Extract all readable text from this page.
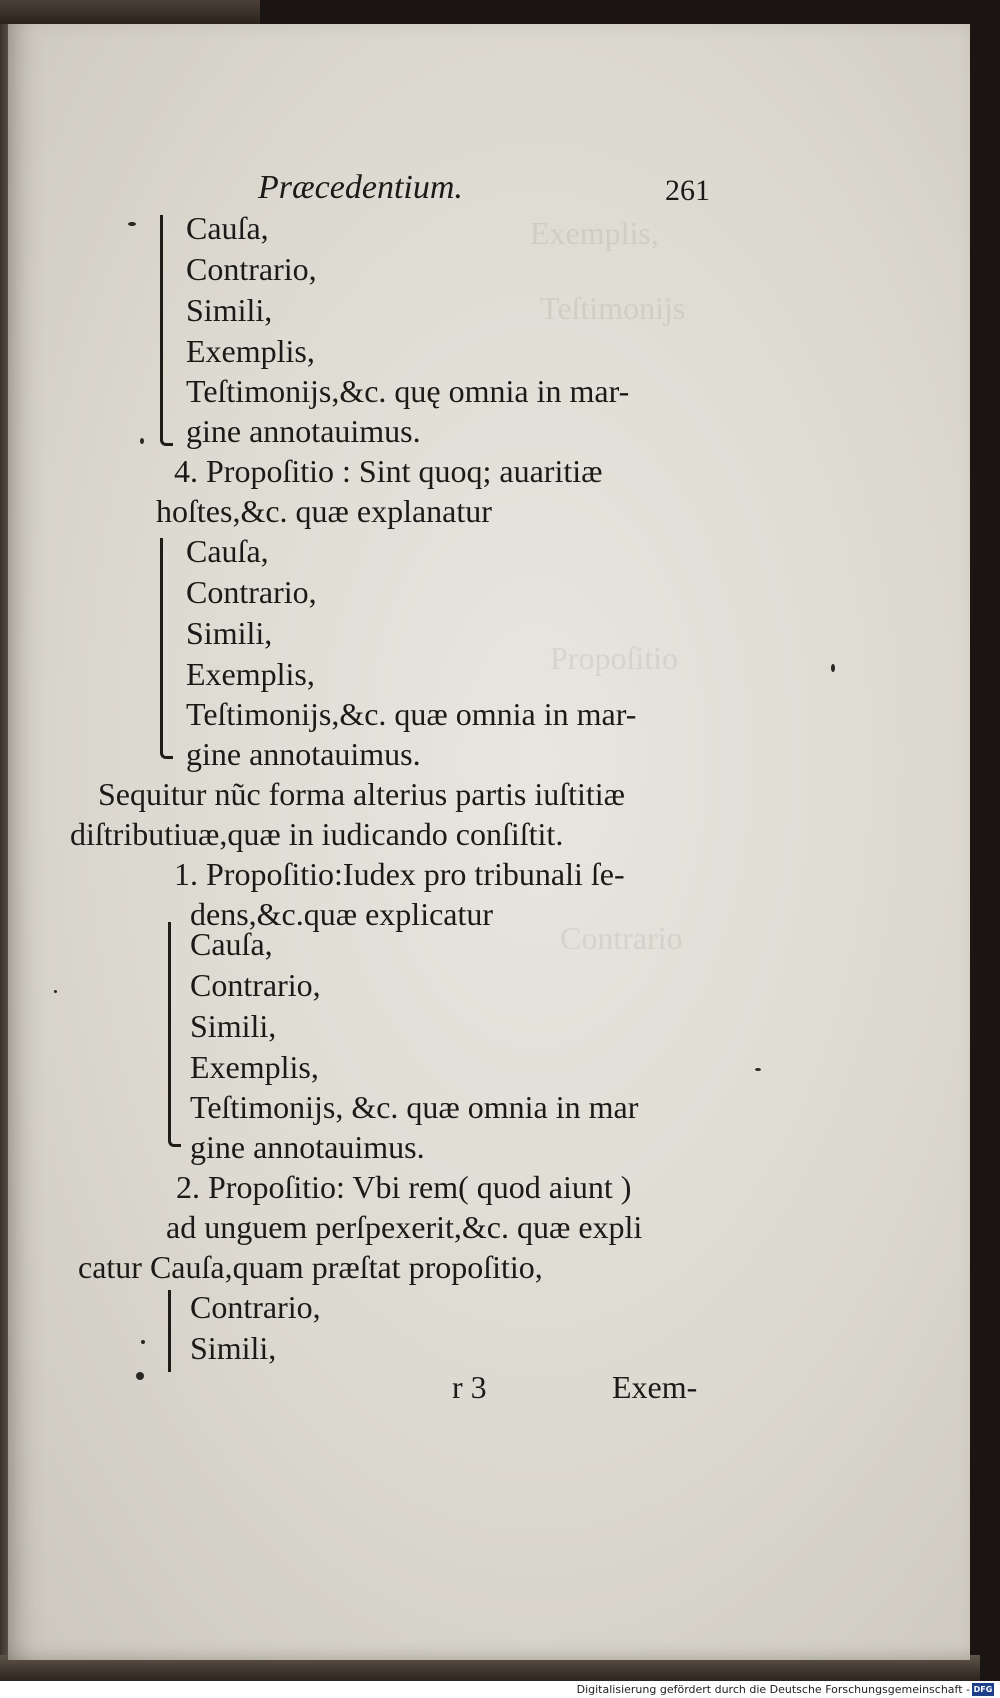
Exemplis,
Teſtimonijs
Propoſitio
Contrario
Præcedentium.	261
Cauſa,
Contrario,
Simili,
Exemplis,
Teſtimonijs,&c. quę omnia in mar-
gine annotauimus.
4. Propoſitio : Sint quoq; auaritiæ
hoſtes,&c. quæ explanatur
Cauſa,
Contrario,
Simili,
Exemplis,
Teſtimonijs,&c. quæ omnia in mar-
gine annotauimus.
Sequitur nũc forma alterius partis iuſtitiæ
diſtributiuæ,quæ in iudicando conſiſtit.
1. Propoſitio:Iudex pro tribunali ſe-
dens,&c.quæ explicatur
Cauſa,
Contrario,
Simili,
Exemplis,
Teſtimonijs, &c. quæ omnia in mar
gine annotauimus.
2. Propoſitio: Vbi rem( quod aiunt )
ad unguem perſpexerit,&c. quæ expli
catur Cauſa,quam præſtat propoſitio,
Contrario,
Simili,
r 3	Exem-
Digitalisierung gefördert durch die Deutsche Forschungsgemeinschaft - DFG
